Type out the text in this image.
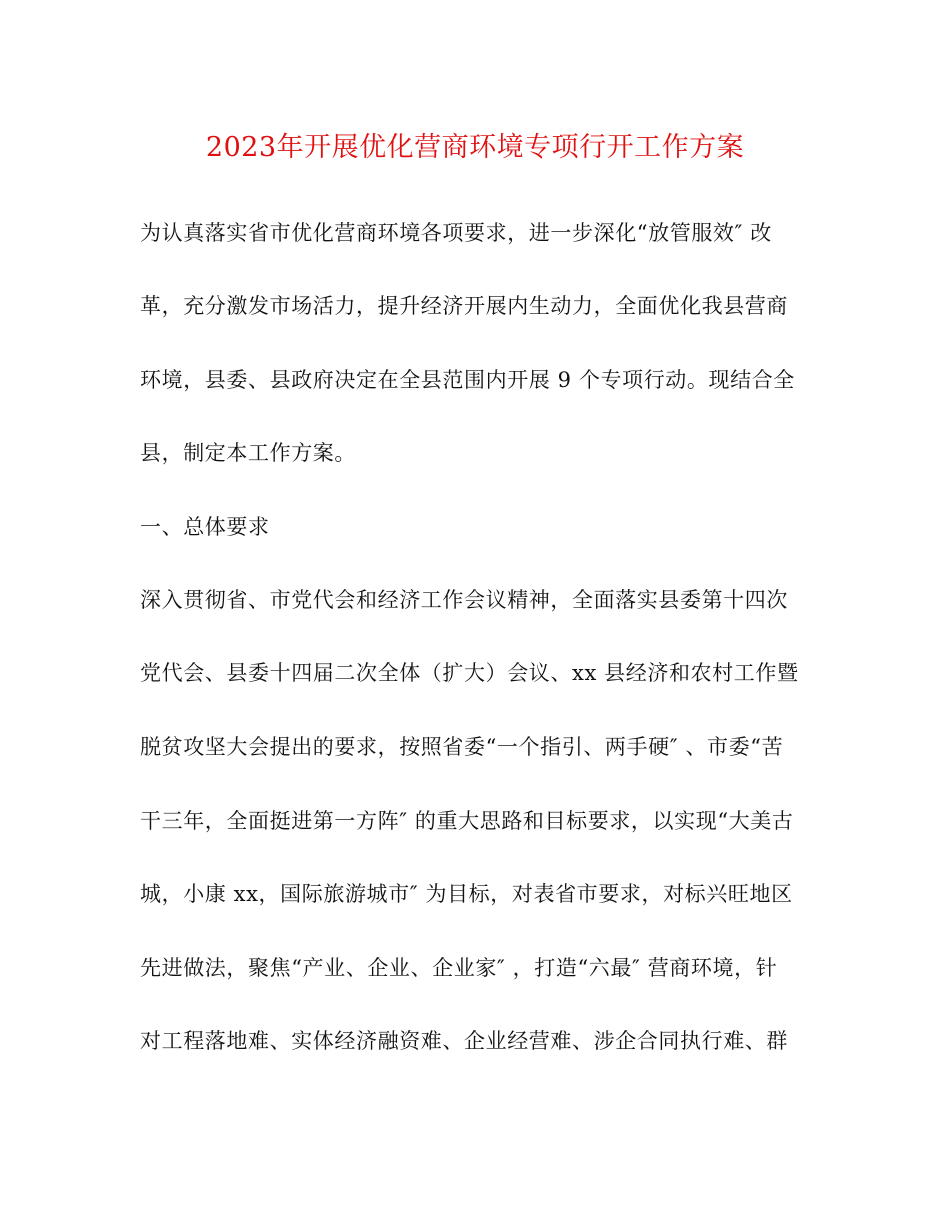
2023年开展优化营商环境专项行开工作方案
为认真落实省市优化营商环境各项要求，进一步深化“放管服效″ 改
革，充分激发市场活力，提升经济开展内生动力，全面优化我县营商
环境，县委、县政府决定在全县范围内开展 9 个专项行动。现结合全
县，制定本工作方案。
一、总体要求
深入贯彻省、市党代会和经济工作会议精神，全面落实县委第十四次
党代会、县委十四届二次全体（扩大）会议、xx 县经济和农村工作暨
脱贫攻坚大会提出的要求，按照省委“一个指引、两手硬″ 、市委“苦
干三年，全面挺进第一方阵″ 的重大思路和目标要求，以实现“大美古
城，小康 xx，国际旅游城市″ 为目标，对表省市要求，对标兴旺地区
先进做法，聚焦“产业、企业、企业家″ ，打造“六最″ 营商环境，针
对工程落地难、实体经济融资难、企业经营难、涉企合同执行难、群
